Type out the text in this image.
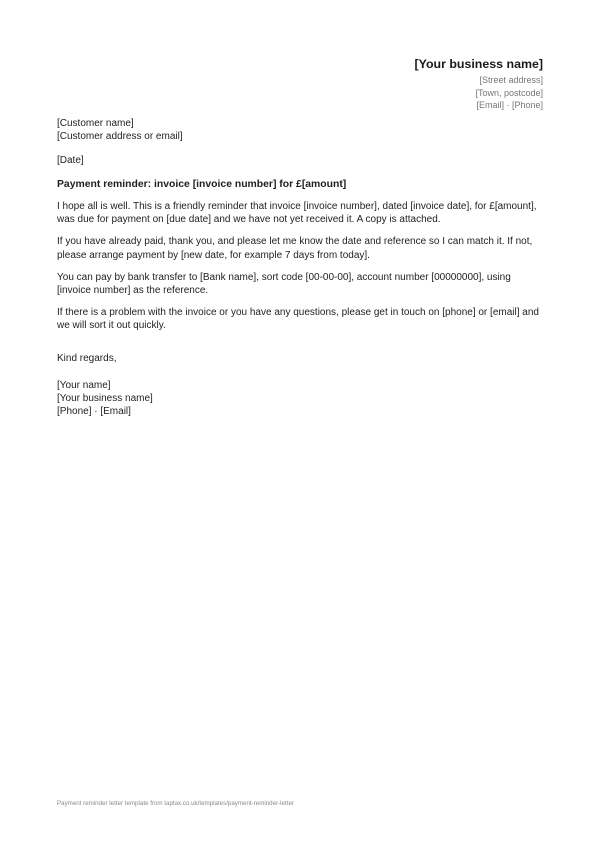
[Your business name]
[Street address]
[Town, postcode]
[Email] · [Phone]
[Customer name]
[Customer address or email]
[Date]
Payment reminder: invoice [invoice number] for £[amount]

I hope all is well. This is a friendly reminder that invoice [invoice number], dated [invoice date], for £[amount], was due for payment on [due date] and we have not yet received it. A copy is attached.

If you have already paid, thank you, and please let me know the date and reference so I can match it. If not, please arrange payment by [new date, for example 7 days from today].

You can pay by bank transfer to [Bank name], sort code [00-00-00], account number [00000000], using [invoice number] as the reference.

If there is a problem with the invoice or you have any questions, please get in touch on [phone] or [email] and we will sort it out quickly.

Kind regards,
[Your name]
[Your business name]
[Phone] · [Email]
Payment reminder letter template from taptax.co.uk/templates/payment-reminder-letter
